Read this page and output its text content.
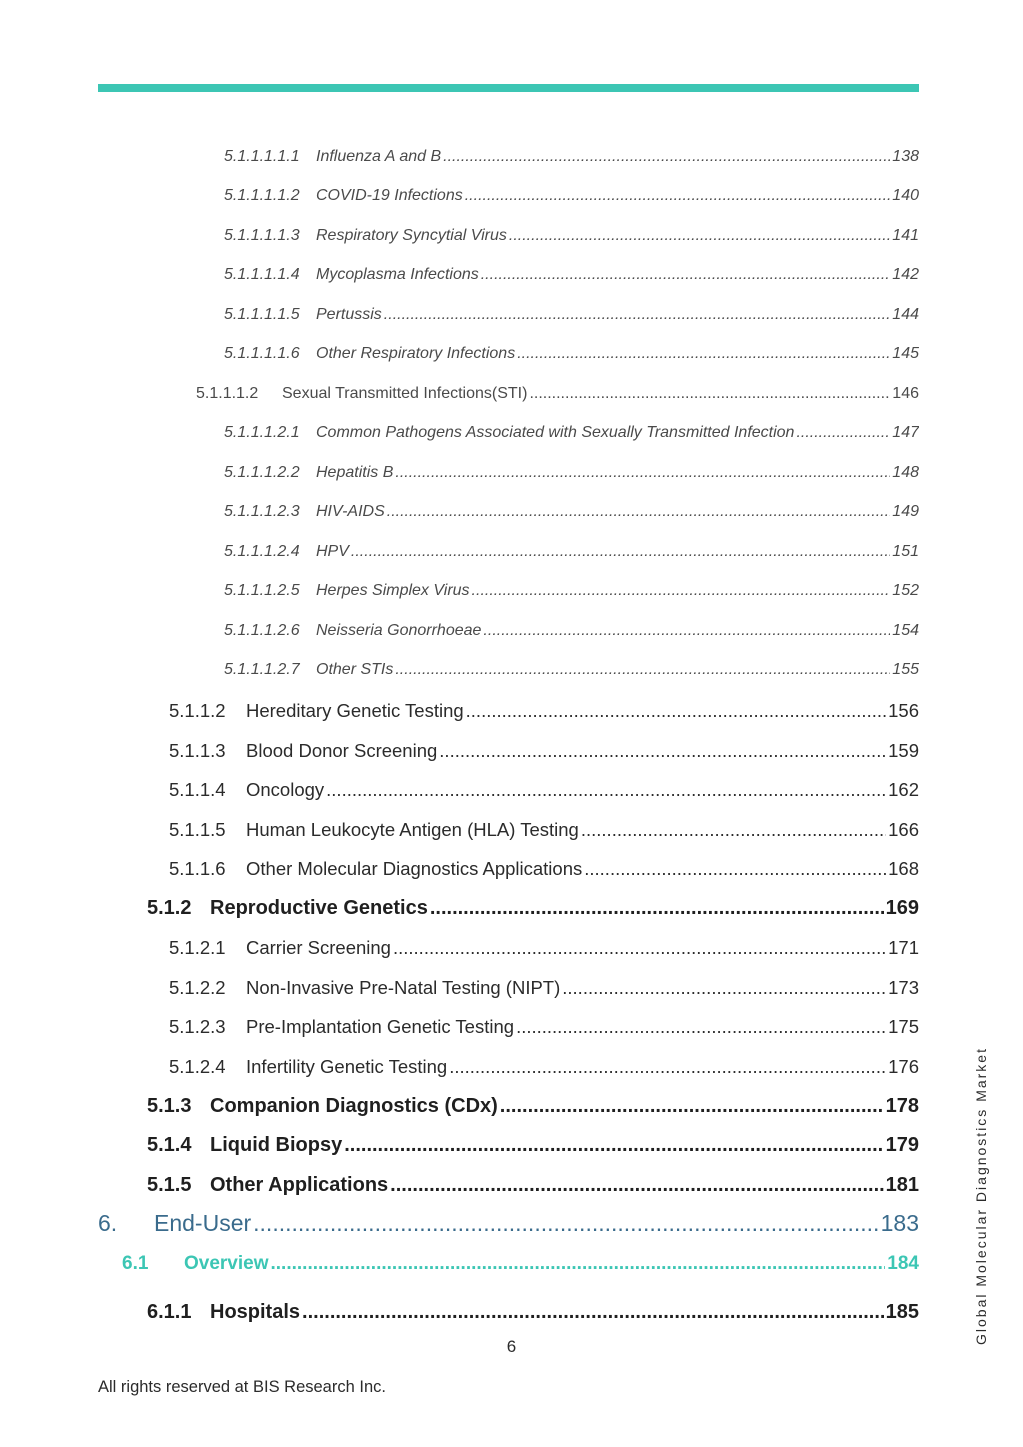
5.1.1.1.1.1	Influenza A and B .....	138
5.1.1.1.1.2	COVID-19 Infections .....	140
5.1.1.1.1.3	Respiratory Syncytial Virus .....	141
5.1.1.1.1.4	Mycoplasma Infections .....	142
5.1.1.1.1.5	Pertussis .....	144
5.1.1.1.1.6	Other Respiratory Infections .....	145
5.1.1.1.2	Sexual Transmitted Infections(STI) .....	146
5.1.1.1.2.1	Common Pathogens Associated with Sexually Transmitted Infection .....	147
5.1.1.1.2.2	Hepatitis B .....	148
5.1.1.1.2.3	HIV-AIDS .....	149
5.1.1.1.2.4	HPV .....	151
5.1.1.1.2.5	Herpes Simplex Virus .....	152
5.1.1.1.2.6	Neisseria Gonorrhoeae .....	154
5.1.1.1.2.7	Other STIs .....	155
5.1.1.2	Hereditary Genetic Testing .....	156
5.1.1.3	Blood Donor Screening .....	159
5.1.1.4	Oncology .....	162
5.1.1.5	Human Leukocyte Antigen (HLA) Testing .....	166
5.1.1.6	Other Molecular Diagnostics Applications .....	168
5.1.2 Reproductive Genetics .....	169
5.1.2.1	Carrier Screening .....	171
5.1.2.2	Non-Invasive Pre-Natal Testing (NIPT) .....	173
5.1.2.3	Pre-Implantation Genetic Testing .....	175
5.1.2.4	Infertility Genetic Testing .....	176
5.1.3 Companion Diagnostics (CDx) .....	178
5.1.4 Liquid Biopsy .....	179
5.1.5 Other Applications .....	181
6.	End-User .....	183
6.1	Overview .....	184
6.1.1 Hospitals .....	185
6
All rights reserved at BIS Research Inc.
Global Molecular Diagnostics Market
